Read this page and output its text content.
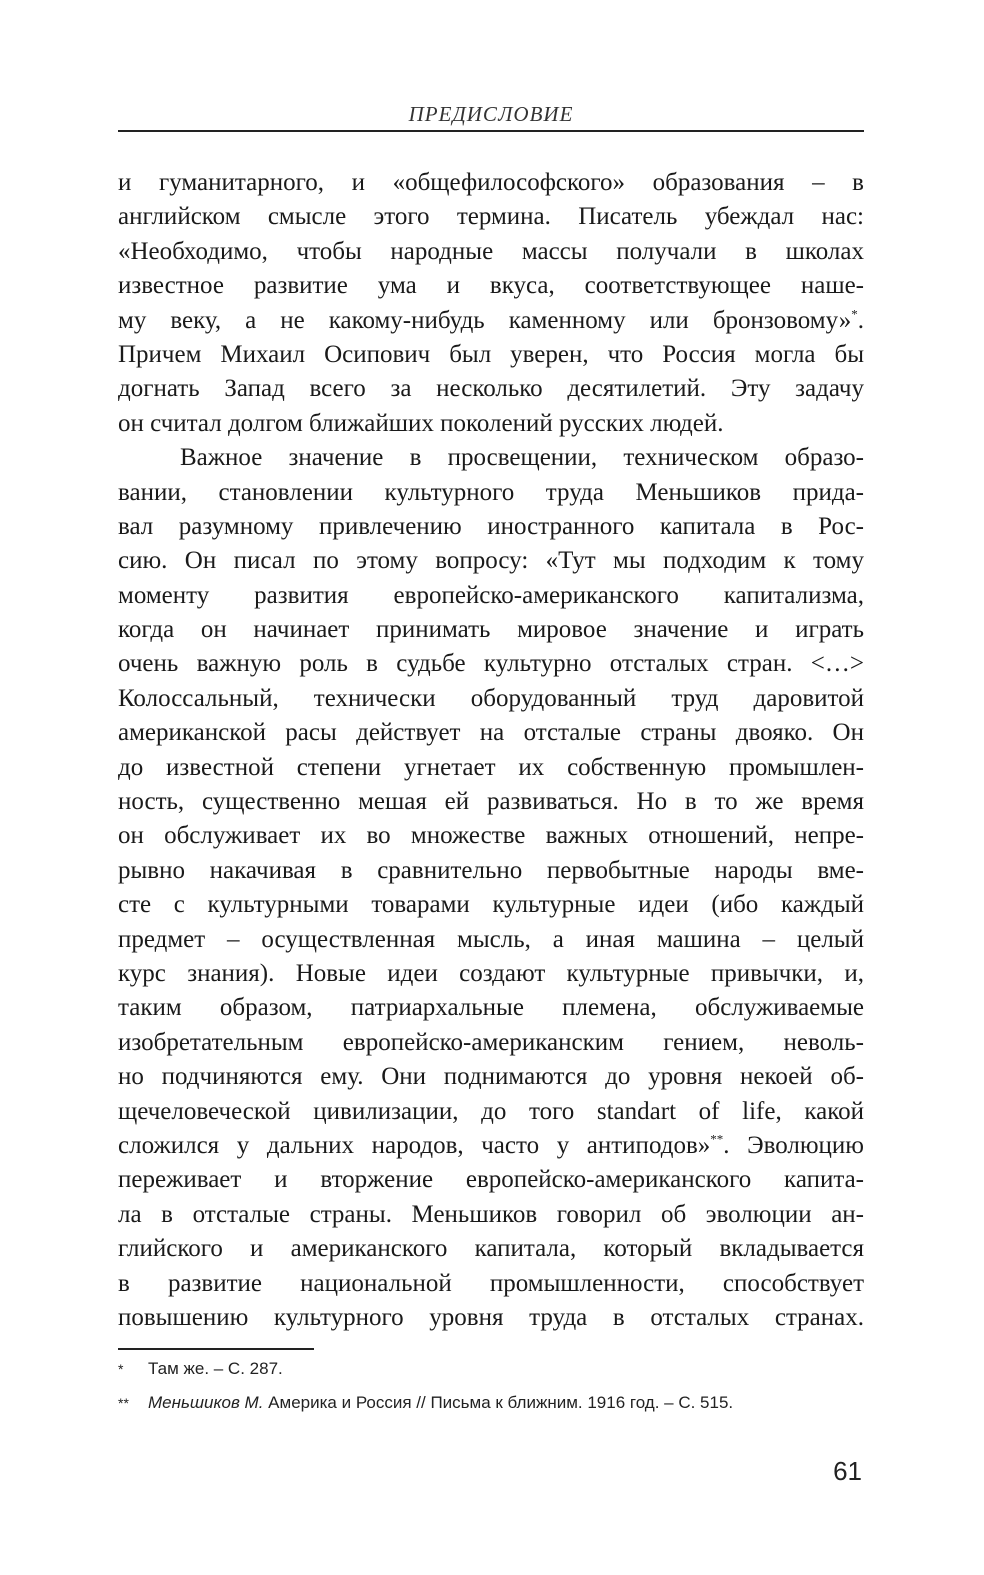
ПРЕДИСЛОВИЕ
и гуманитарного, и «общефилософского» образования – в
английском смысле этого термина. Писатель убеждал нас:
«Необходимо, чтобы народные массы получали в школах
известное развитие ума и вкуса, соответствующее наше-
му веку, а не какому-нибудь каменному или бронзовому»*.
Причем Михаил Осипович был уверен, что Россия могла бы
догнать Запад всего за несколько десятилетий. Эту задачу
он считал долгом ближайших поколений русских людей.
Важное значение в просвещении, техническом образо-
вании, становлении культурного труда Меньшиков прида-
вал разумному привлечению иностранного капитала в Рос-
сию. Он писал по этому вопросу: «Тут мы подходим к тому
моменту развития европейско-американского капитализма,
когда он начинает принимать мировое значение и играть
очень важную роль в судьбе культурно отсталых стран. <…>
Колоссальный, технически оборудованный труд даровитой
американской расы действует на отсталые страны двояко. Он
до известной степени угнетает их собственную промышлен-
ность, существенно мешая ей развиваться. Но в то же время
он обслуживает их во множестве важных отношений, непре-
рывно накачивая в сравнительно первобытные народы вме-
сте с культурными товарами культурные идеи (ибо каждый
предмет – осуществленная мысль, а иная машина – целый
курс знания). Новые идеи создают культурные привычки, и,
таким образом, патриархальные племена, обслуживаемые
изобретательным европейско-американским гением, неволь-
но подчиняются ему. Они поднимаются до уровня некоей об-
щечеловеческой цивилизации, до того standart of life, какой
сложился у дальних народов, часто у антиподов»**. Эволюцию
переживает и вторжение европейско-американского капита-
ла в отсталые страны. Меньшиков говорил об эволюции ан-
глийского и американского капитала, который вкладывается
в развитие национальной промышленности, способствует
повышению культурного уровня труда в отсталых странах.
* Там же. – С. 287.
** Меньшиков М. Америка и Россия // Письма к ближним. 1916 год. – С. 515.
61
